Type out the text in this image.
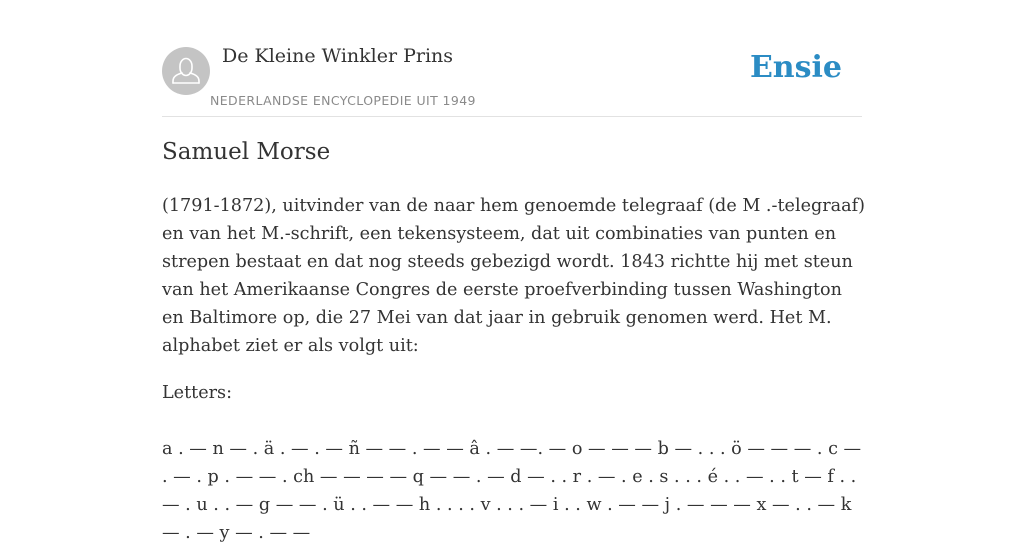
De Kleine Winkler Prins
NEDERLANDSE ENCYCLOPEDIE UIT 1949
Ensie
Samuel Morse

(1791-1872), uitvinder van de naar hem genoemde telegraaf (de M .-telegraaf) en van het M.-schrift, een tekensysteem, dat uit combinaties van punten en strepen bestaat en dat nog steeds gebezigd wordt. 1843 richtte hij met steun van het Amerikaanse Congres de eerste proefverbinding tussen Washington en Baltimore op, die 27 Mei van dat jaar in gebruik genomen werd. Het M. alphabet ziet er als volgt uit:

Letters:

a . — n — . ä . — . — ñ — — . — — â . — —. — o — — — b — . . . ö — — — . c — . — . p . — — . ch — — — — q — — . — d — . . r . — . e . s . . . é . . — . . t — f . . — . u . . — g — — . ü . . — — h . . . . v . . . — i . . w . — — j . — — — x — . . — k — . — y — . — —
